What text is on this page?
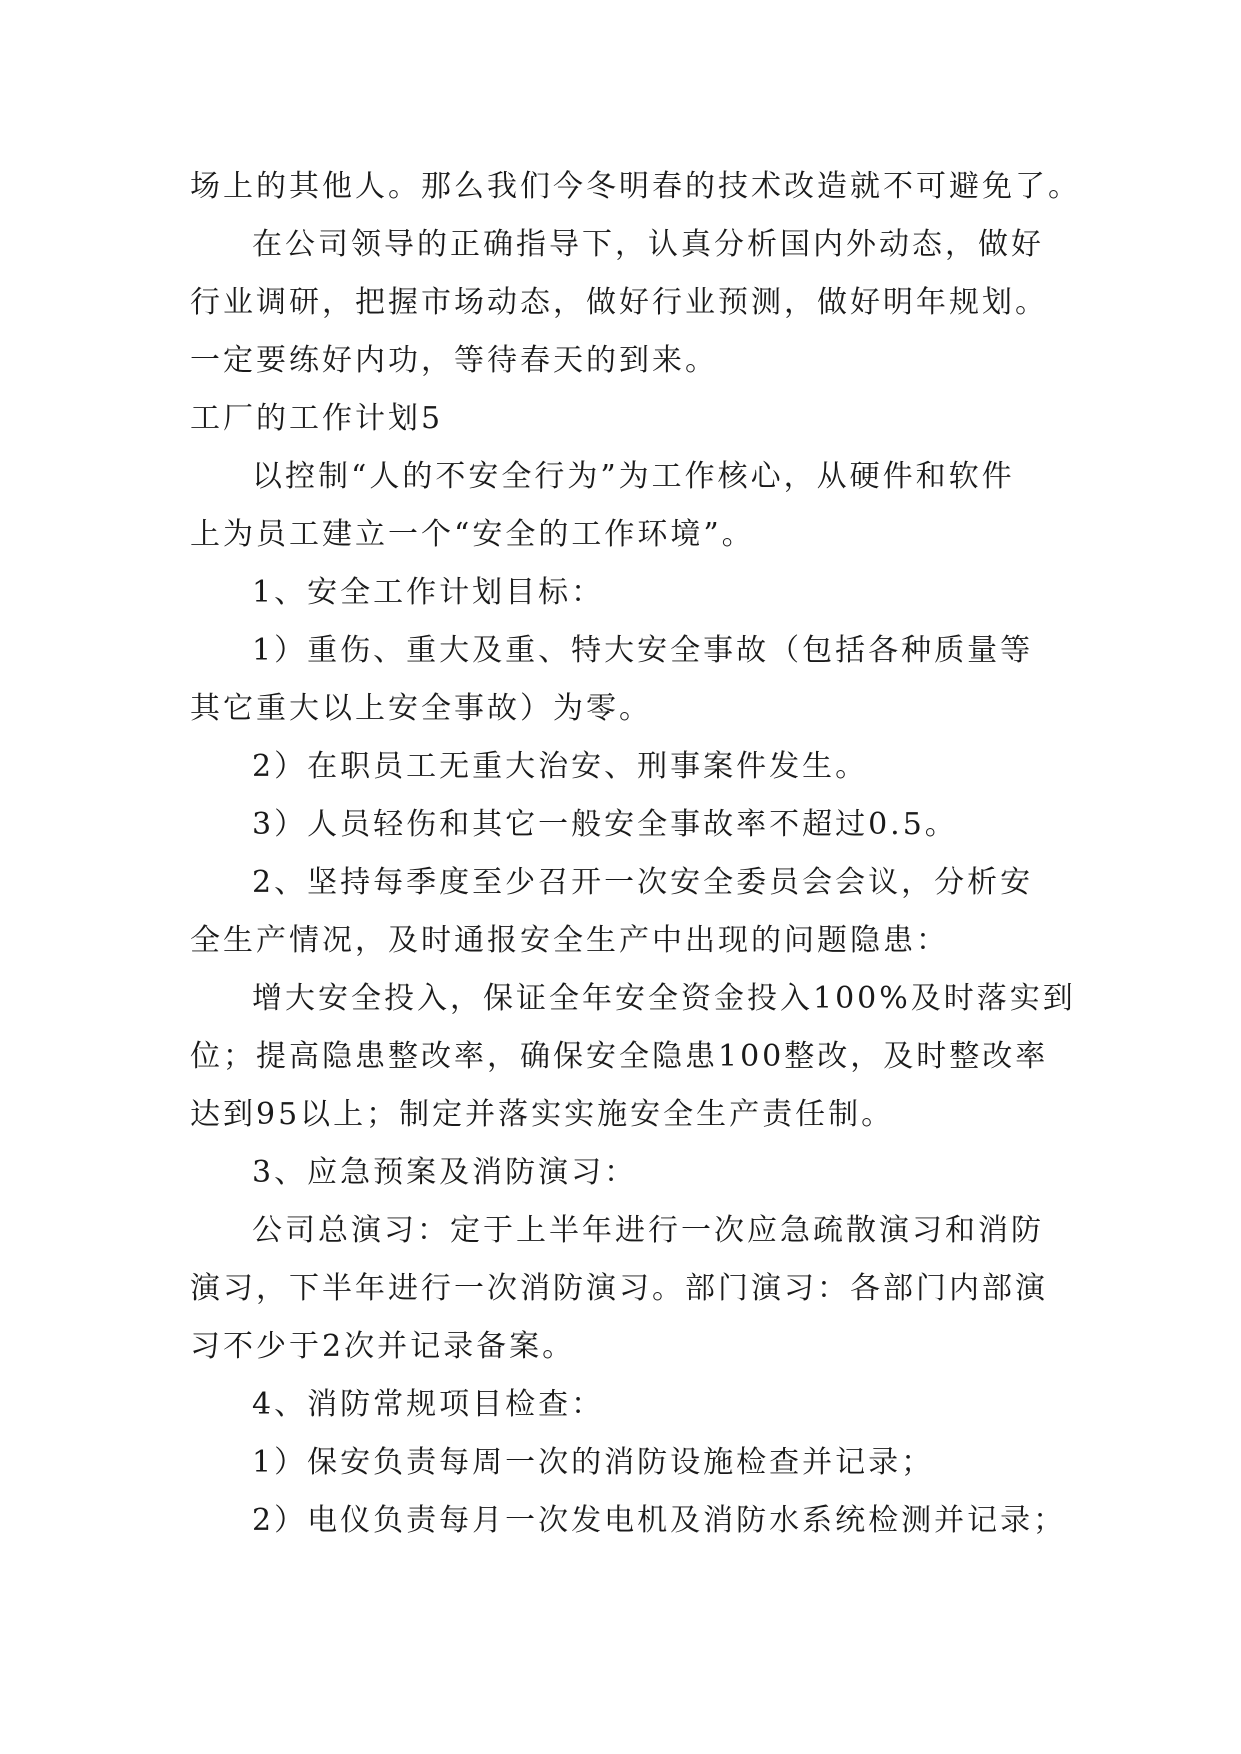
场上的其他人。那么我们今冬明春的技术改造就不可避免了。
在公司领导的正确指导下，认真分析国内外动态，做好
行业调研，把握市场动态，做好行业预测，做好明年规划。
一定要练好内功，等待春天的到来。
工厂的工作计划5
以控制“人的不安全行为”为工作核心，从硬件和软件
上为员工建立一个“安全的工作环境”。
1、安全工作计划目标：
1）重伤、重大及重、特大安全事故（包括各种质量等
其它重大以上安全事故）为零。
2）在职员工无重大治安、刑事案件发生。
3）人员轻伤和其它一般安全事故率不超过0.5。
2、坚持每季度至少召开一次安全委员会会议，分析安
全生产情况，及时通报安全生产中出现的问题隐患：
增大安全投入，保证全年安全资金投入100%及时落实到
位；提高隐患整改率，确保安全隐患100整改，及时整改率
达到95以上；制定并落实实施安全生产责任制。
3、应急预案及消防演习：
公司总演习：定于上半年进行一次应急疏散演习和消防
演习，下半年进行一次消防演习。部门演习：各部门内部演
习不少于2次并记录备案。
4、消防常规项目检查：
1）保安负责每周一次的消防设施检查并记录；
2）电仪负责每月一次发电机及消防水系统检测并记录；
